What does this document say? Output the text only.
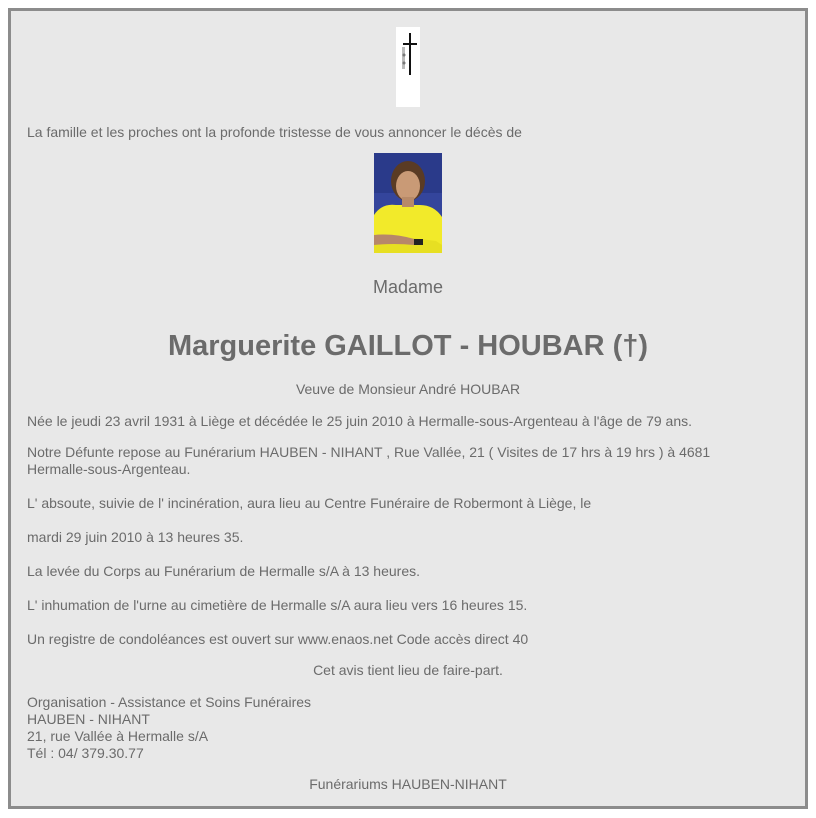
La famille et les proches ont la profonde tristesse de vous annoncer le décès de
Madame
Marguerite GAILLOT - HOUBAR (†)
Veuve de Monsieur André HOUBAR
Née le jeudi 23 avril 1931 à Liège et décédée le 25 juin 2010 à Hermalle-sous-Argenteau à l'âge de 79 ans.
Notre Défunte repose au Funérarium HAUBEN - NIHANT , Rue Vallée, 21 ( Visites de 17 hrs à 19 hrs ) à 4681
Hermalle-sous-Argenteau.
L' absoute, suivie de l' incinération, aura lieu au Centre Funéraire de Robermont à Liège, le
mardi 29 juin 2010 à 13 heures 35.
La levée du Corps au Funérarium de Hermalle s/A à 13 heures.
L' inhumation de l'urne au cimetière de Hermalle s/A aura lieu vers 16 heures 15.
Un registre de condoléances est ouvert sur www.enaos.net Code accès direct 40
Cet avis tient lieu de faire-part.
Organisation - Assistance et Soins Funéraires
HAUBEN - NIHANT
21, rue Vallée à Hermalle s/A
Tél : 04/ 379.30.77
Funérariums HAUBEN-NIHANT
